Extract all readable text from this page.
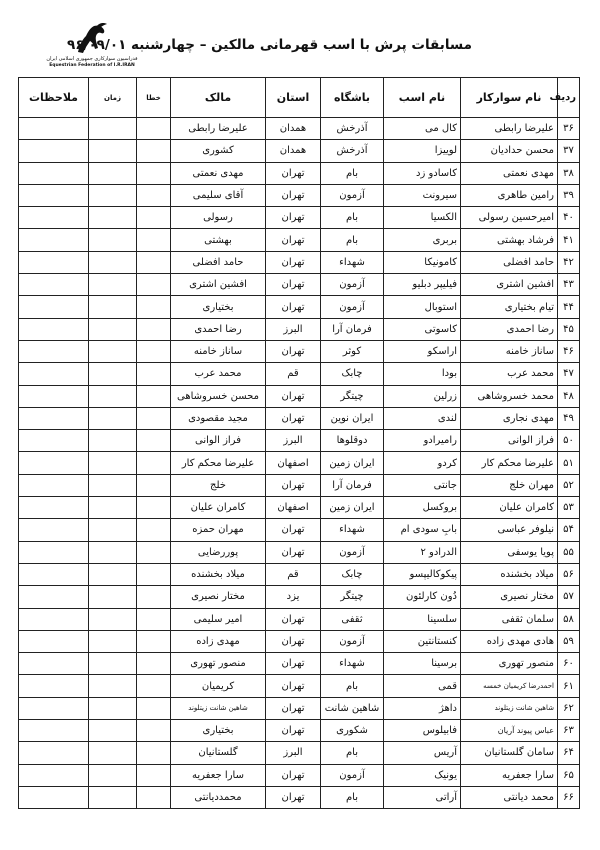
فدراسیون سوارکاری جمهوری اسلامی ایران
Equestrian Federation of I.R.IRAN
مسابقات پرش با اسب قهرمانی مالکین – چهارشنبه ۹۶/۰۹/۰۱
ردیف	نام سوارکار	نام اسب	باشگاه	استان	مالک	خطا	زمان	ملاحظات
۳۶	علیرضا رابطی	کال می	آذرخش	همدان	علیرضا رابطی			
۳۷	محسن حدادیان	لوییزا	آذرخش	همدان	کشوری			
۳۸	مهدی نعمتی	کاسادو زد	بام	تهران	مهدی نعمتی			
۳۹	رامین طاهری	سیرونت	آزمون	تهران	آقای سلیمی			
۴۰	امیرحسین رسولی	الکسیا	بام	تهران	رسولی			
۴۱	فرشاد بهشتی	بربری	بام	تهران	بهشتی			
۴۲	حامد افضلی	کامونیکا	شهداء	تهران	حامد افضلی			
۴۳	افشین اشتری	فیلیپر دبلیو	آزمون	تهران	افشین اشتری			
۴۴	تیام بختیاری	استوبال	آزمون	تهران	بختیاری			
۴۵	رضا احمدی	کاسوتی	فرمان آرا	البرز	رضا احمدی			
۴۶	ساناز خامنه	اراسکو	کوثر	تهران	ساناز خامنه			
۴۷	محمد عرب	بودا	چابک	قم	محمد عرب			
۴۸	محمد خسروشاهی	زرلین	چیتگر	تهران	محسن خسروشاهی			
۴۹	مهدی نجاری	لندی	ایران نوین	تهران	مجید مقصودی			
۵۰	فراز الوانی	رامیرادو	دوقلوها	البرز	فراز الوانی			
۵۱	علیرضا محکم کار	کردو	ایران زمین	اصفهان	علیرضا محکم کار			
۵۲	مهران خلج	جانتی	فرمان آرا	تهران	خلج			
۵۳	کامران علیان	بروکسل	ایران زمین	اصفهان	کامران علیان			
۵۴	نیلوفر عباسی	بابِ سودی ام	شهداء	تهران	مهران حمزه			
۵۵	پویا یوسفی	الدرادو ۲	آزمون	تهران	پوررضایی			
۵۶	میلاد بخشنده	پیکوکالیپسو	چابک	قم	میلاد بخشنده			
۵۷	مختار نصیری	دُون کارلئون	چیتگر	یزد	مختار نصیری			
۵۸	سلمان ثقفی	سلسینا	ثقفی	تهران	امیر سلیمی			
۵۹	هادی مهدی زاده	کنستانتین	آزمون	تهران	مهدی زاده			
۶۰	منصور تهوری	برسینا	شهداء	تهران	منصور تهوری			
۶۱	احمدرضا کریمیان خمسه	قمی	بام	تهران	کریمیان			
۶۲	شاهین شانت زیتلوند	داهژ	شاهین شانت	تهران	شاهین شانت زیتلوند			
۶۳	عباس پیوند آریان	فابیلوس	شکوری	تهران	بختیاری			
۶۴	سامان گلستانیان	آریس	بام	البرز	گلستانیان			
۶۵	سارا جعفریه	یونیک	آزمون	تهران	سارا جعفریه			
۶۶	محمد دیانتی	آراتی	بام	تهران	محمددیانتی			
